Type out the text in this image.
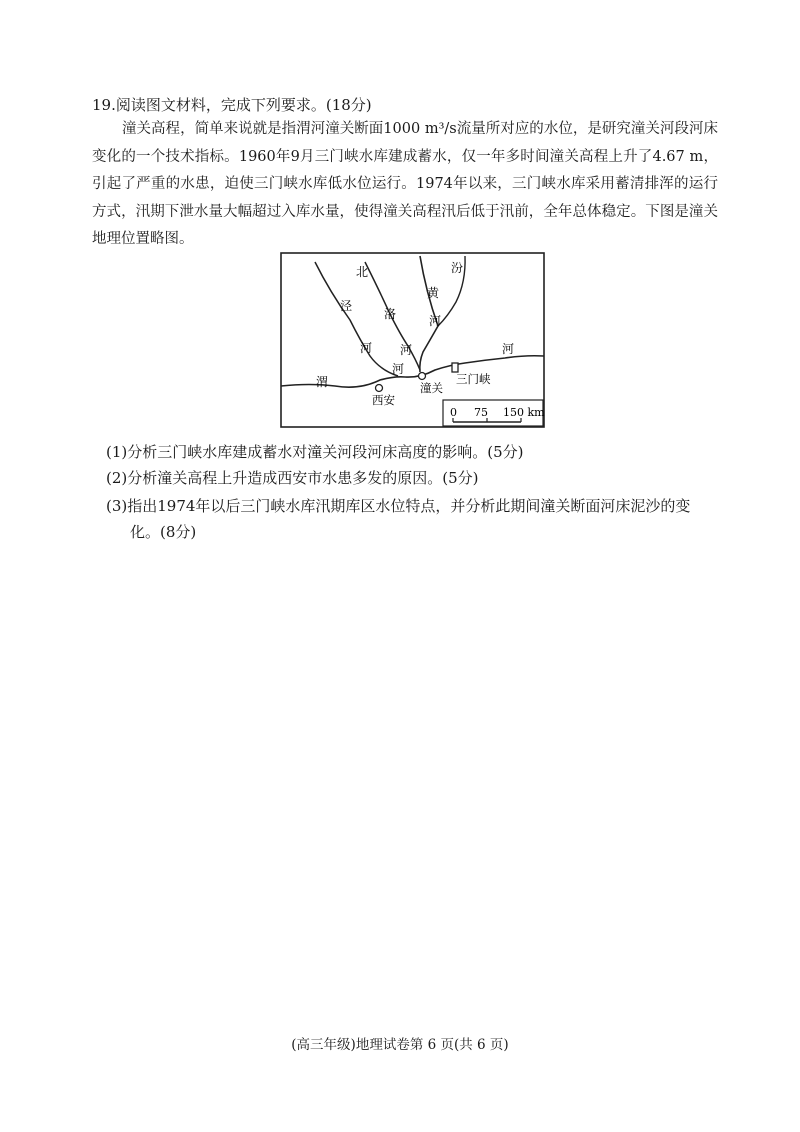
19.阅读图文材料，完成下列要求。(18分)
潼关高程，简单来说就是指渭河潼关断面1000 m³/s流量所对应的水位，是研究潼关河段河床变化的一个技术指标。1960年9月三门峡水库建成蓄水，仅一年多时间潼关高程上升了4.67 m，引起了严重的水患，迫使三门峡水库低水位运行。1974年以来，三门峡水库采用蓄清排浑的运行方式，汛期下泄水量大幅超过入库水量，使得潼关高程汛后低于汛前，全年总体稳定。下图是潼关地理位置略图。
北
泾
洛
河 河
汾
黄
河
河
渭
河
潼关
西安
三门峡
0 75 150 km
(1)分析三门峡水库建成蓄水对潼关河段河床高度的影响。(5分)
(2)分析潼关高程上升造成西安市水患多发的原因。(5分)
(3)指出1974年以后三门峡水库汛期库区水位特点，并分析此期间潼关断面河床泥沙的变
化。(8分)
(高三年级)地理试卷第 6 页(共 6 页)
